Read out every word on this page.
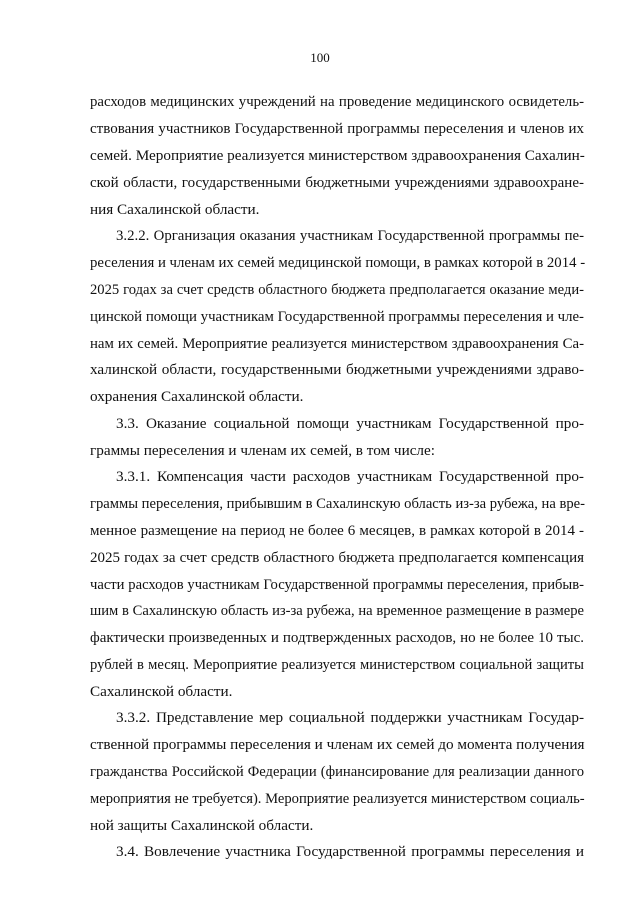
100
расходов медицинских учреждений на проведение медицинского освидетель-
ствования участников Государственной программы переселения и членов их
семей. Мероприятие реализуется министерством здравоохранения Сахалин-
ской области, государственными бюджетными учреждениями здравоохране-
ния Сахалинской области.
3.2.2. Организация оказания участникам Государственной программы пе-
реселения и членам их семей медицинской помощи, в рамках которой в 2014 -
2025 годах за счет средств областного бюджета предполагается оказание меди-
цинской помощи участникам Государственной программы переселения и чле-
нам их семей. Мероприятие реализуется министерством здравоохранения Са-
халинской области, государственными бюджетными учреждениями здраво-
охранения Сахалинской области.
3.3. Оказание социальной помощи участникам Государственной про-
граммы переселения и членам их семей, в том числе:
3.3.1. Компенсация части расходов участникам Государственной про-
граммы переселения, прибывшим в Сахалинскую область из-за рубежа, на вре-
менное размещение на период не более 6 месяцев, в рамках которой в 2014 -
2025 годах за счет средств областного бюджета предполагается компенсация
части расходов участникам Государственной программы переселения, прибыв-
шим в Сахалинскую область из-за рубежа, на временное размещение в размере
фактически произведенных и подтвержденных расходов, но не более 10 тыс.
рублей в месяц. Мероприятие реализуется министерством социальной защиты
Сахалинской области.
3.3.2. Представление мер социальной поддержки участникам Государ-
ственной программы переселения и членам их семей до момента получения
гражданства Российской Федерации (финансирование для реализации данного
мероприятия не требуется). Мероприятие реализуется министерством социаль-
ной защиты Сахалинской области.
3.4. Вовлечение участника Государственной программы переселения и
